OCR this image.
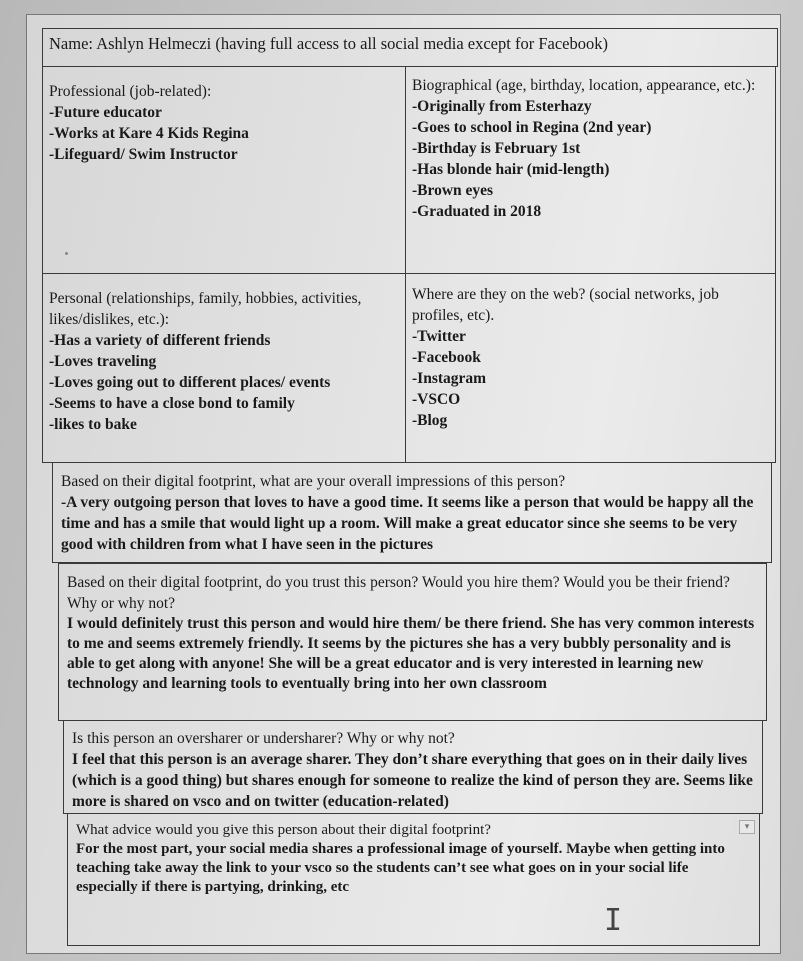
Name: Ashlyn Helmeczi (having full access to all social media except for Facebook)

Professional (job-related):

-Future educator
-Works at Kare 4 Kids Regina
-Lifeguard/ Swim Instructor

Biographical (age, birthday, location, appearance, etc.):

-Originally from Esterhazy
-Goes to school in Regina (2nd year)
-Birthday is February 1st
-Has blonde hair (mid-length)
-Brown eyes
-Graduated in 2018

Personal (relationships, family, hobbies, activities, likes/dislikes, etc.):

-Has a variety of different friends
-Loves traveling
-Loves going out to different places/ events
-Seems to have a close bond to family
-likes to bake

Where are they on the web? (social networks, job profiles, etc).

-Twitter
-Facebook
-Instagram
-VSCO
-Blog

Based on their digital footprint, what are your overall impressions of this person?

-A very outgoing person that loves to have a good time. It seems like a person that would be happy all the time and has a smile that would light up a room. Will make a great educator since she seems to be very good with children from what I have seen in the pictures

Based on their digital footprint, do you trust this person? Would you hire them? Would you be their friend? Why or why not?

I would definitely trust this person and would hire them/ be there friend. She has very common interests to me and seems extremely friendly. It seems by the pictures she has a very bubbly personality and is able to get along with anyone! She will be a great educator and is very interested in learning new technology and learning tools to eventually bring into her own classroom

Is this person an oversharer or undersharer? Why or why not?

I feel that this person is an average sharer. They don’t share everything that goes on in their daily lives (which is a good thing) but shares enough for someone to realize the kind of person they are. Seems like more is shared on vsco and on twitter (education-related)

What advice would you give this person about their digital footprint?

For the most part, your social media shares a professional image of yourself. Maybe when getting into teaching take away the link to your vsco so the students can’t see what goes on in your social life especially if there is partying, drinking, etc

▾
I
